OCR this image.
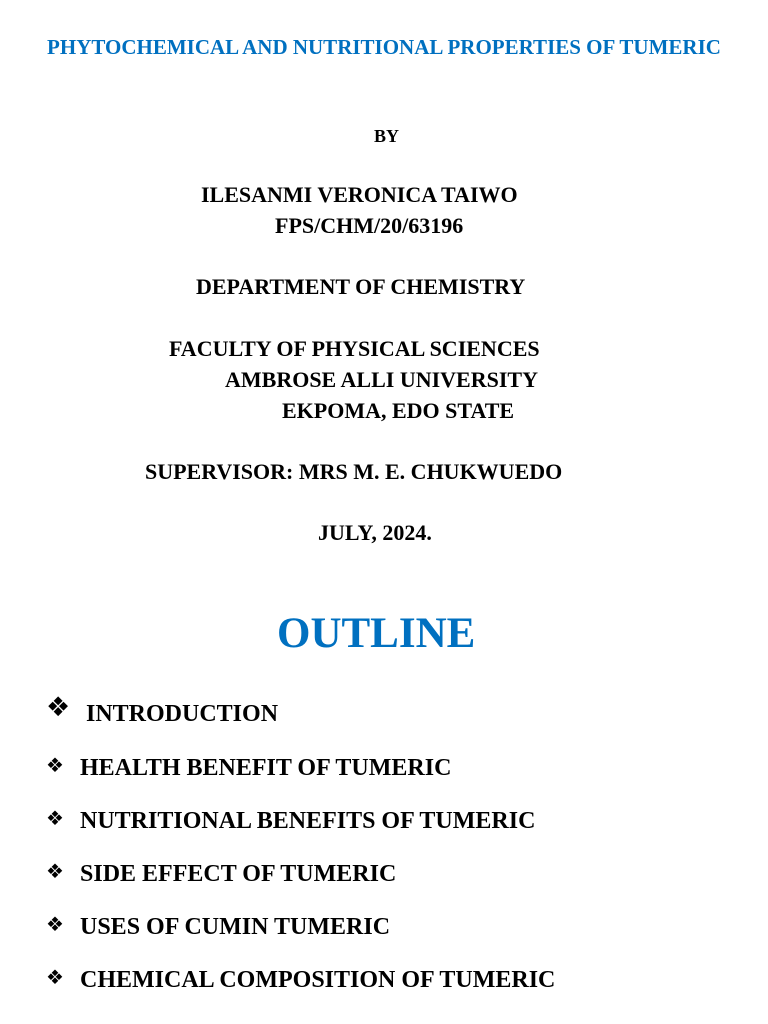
PHYTOCHEMICAL AND NUTRITIONAL PROPERTIES OF TUMERIC

BY

ILESANMI VERONICA TAIWO

FPS/CHM/20/63196

DEPARTMENT OF CHEMISTRY

FACULTY OF PHYSICAL SCIENCES

AMBROSE ALLI UNIVERSITY

EKPOMA, EDO STATE

SUPERVISOR: MRS M. E. CHUKWUEDO

JULY, 2024.

OUTLINE
❖ INTRODUCTION
❖ HEALTH BENEFIT OF TUMERIC
❖ NUTRITIONAL BENEFITS OF TUMERIC
❖ SIDE EFFECT OF TUMERIC
❖ USES OF CUMIN TUMERIC
❖ CHEMICAL COMPOSITION OF TUMERIC
